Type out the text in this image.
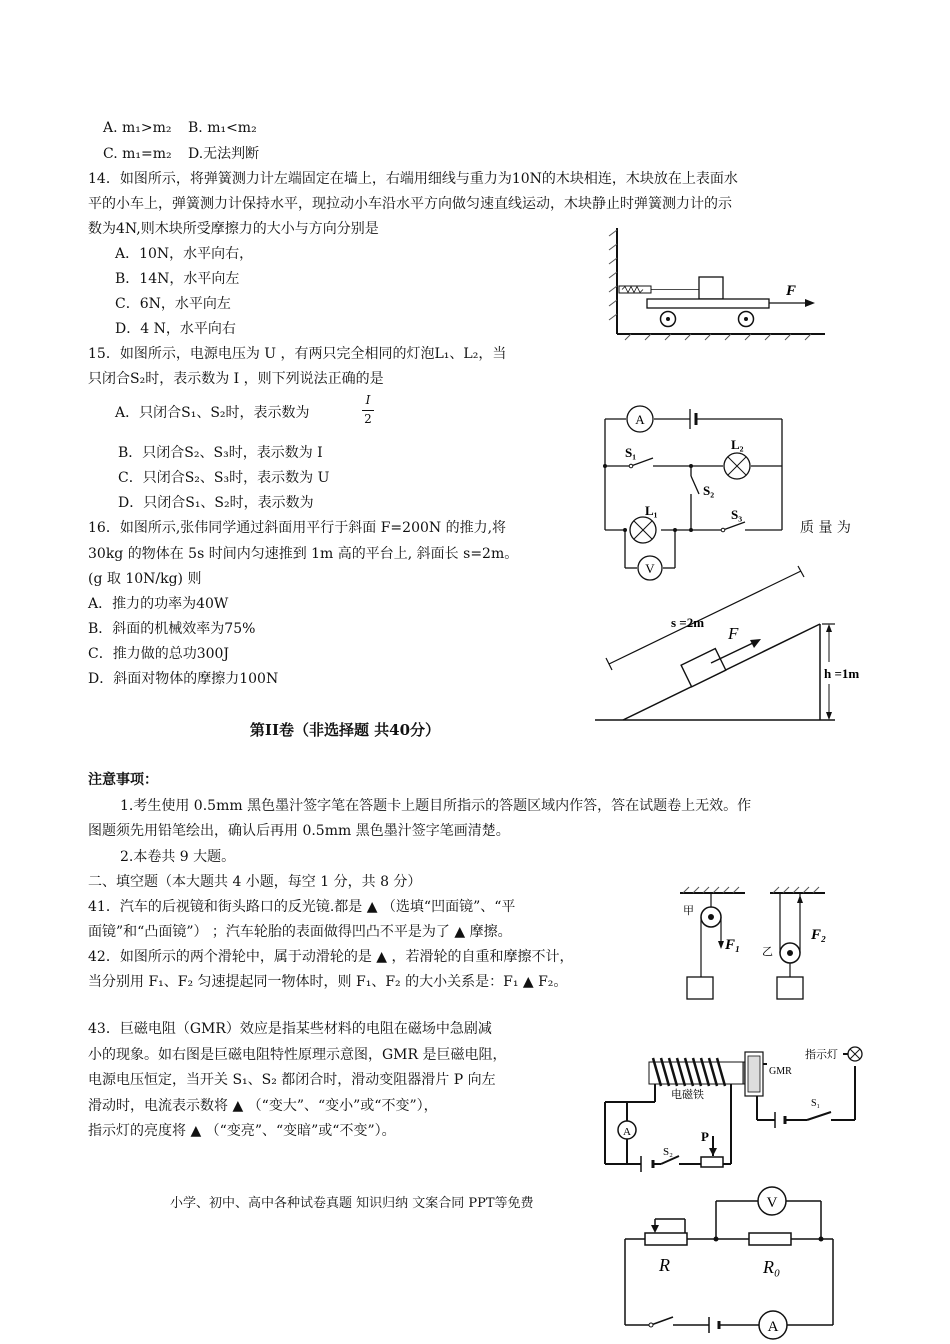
A. m₁>m₂ B. m₁<m₂
C. m₁=m₂ D.无法判断
14．如图所示，将弹簧测力计左端固定在墙上，右端用细线与重力为10N的木块相连，木块放在上表面水
平的小车上，弹簧测力计保持水平，现拉动小车沿水平方向做匀速直线运动，木块静止时弹簧测力计的示
数为4N,则木块所受摩擦力的大小与方向分别是
A．10N，水平向右，
B．14N，水平向左
C．6N，水平向左
D．4 N，水平向右
F
15．如图所示，电源电压为 U ，有两只完全相同的灯泡L₁、L₂，当
只闭合S₂时，表示数为 I ，则下列说法正确的是
A．只闭合S₁、S₂时，表示数为
I
2
B．只闭合S₂、S₃时，表示数为 I
C．只闭合S₂、S₃时，表示数为 U
D．只闭合S₁、S₂时，表示数为
A
V
S₁
S₂
S₃
L₂
L₁
16．如图所示,张伟同学通过斜面用平行于斜面 F=200N 的推力,将	质 量 为
30kg 的物体在 5s 时间内匀速推到 1m 高的平台上, 斜面长 s=2m。
(g 取 10N/kg) 则
A．推力的功率为40W
B．斜面的机械效率为75%
C．推力做的总功300J
D．斜面对物体的摩擦力100N
s =2m
F
h =1m
第II卷（非选择题 共40分）
注意事项：
1.考生使用 0.5mm 黑色墨汁签字笔在答题卡上题目所指示的答题区域内作答，答在试题卷上无效。作
图题须先用铅笔绘出，确认后再用 0.5mm 黑色墨汁签字笔画清楚。
2.本卷共 9 大题。
二、填空题（本大题共 4 小题，每空 1 分，共 8 分）
41．汽车的后视镜和街头路口的反光镜.都是 ▲ （选填“凹面镜”、“平
面镜”和“凸面镜”） ；汽车轮胎的表面做得凹凸不平是为了 ▲ 摩擦。
42．如图所示的两个滑轮中，属于动滑轮的是 ▲ ，若滑轮的自重和摩擦不计，
当分别用 F₁、F₂ 匀速提起同一物体时，则 F₁、F₂ 的大小关系是：F₁ ▲ F₂。
甲
F₁ 乙
F₂
43．巨磁电阻（GMR）效应是指某些材料的电阻在磁场中急剧减
小的现象。如右图是巨磁电阻特性原理示意图，GMR 是巨磁电阻，
电源电压恒定，当开关 S₁、S₂ 都闭合时，滑动变阻器滑片 P 向左
滑动时，电流表示数将 ▲ （“变大”、“变小”或“不变”），
指示灯的亮度将 ▲ （“变亮”、“变暗”或“不变”）。	P
S₂
A
电磁铁
GMR
S₁
指示灯
小学、初中、高中各种试卷真题 知识归纳 文案合同 PPT等免费	V
A
R	R₀
